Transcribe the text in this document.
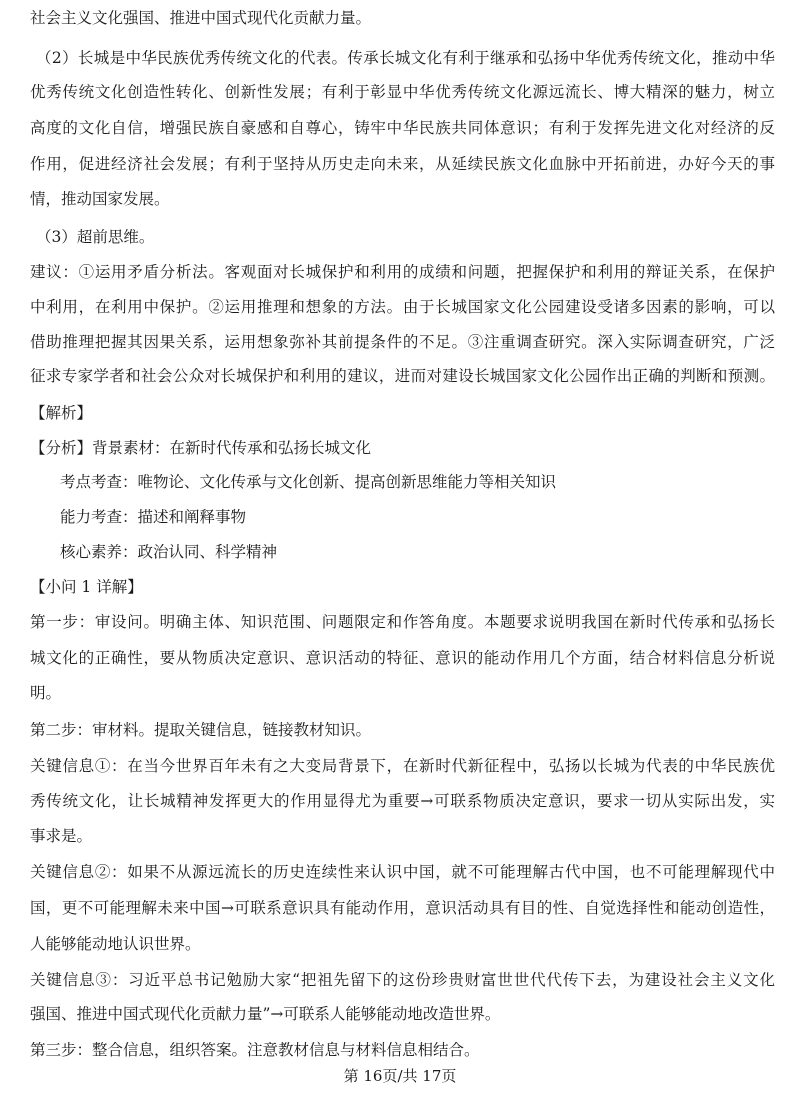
社会主义文化强国、推进中国式现代化贡献力量。
（2）长城是中华民族优秀传统文化的代表。传承长城文化有利于继承和弘扬中华优秀传统文化，推动中华
优秀传统文化创造性转化、创新性发展；有利于彰显中华优秀传统文化源远流长、博大精深的魅力，树立
高度的文化自信，增强民族自豪感和自尊心，铸牢中华民族共同体意识；有利于发挥先进文化对经济的反
作用，促进经济社会发展；有利于坚持从历史走向未来，从延续民族文化血脉中开拓前进，办好今天的事
情，推动国家发展。
（3）超前思维。
建议：①运用矛盾分析法。客观面对长城保护和利用的成绩和问题，把握保护和利用的辩证关系，在保护
中利用，在利用中保护。②运用推理和想象的方法。由于长城国家文化公园建设受诸多因素的影响，可以
借助推理把握其因果关系，运用想象弥补其前提条件的不足。③注重调查研究。深入实际调查研究，广泛
征求专家学者和社会公众对长城保护和利用的建议，进而对建设长城国家文化公园作出正确的判断和预测。
【解析】
【分析】背景素材：在新时代传承和弘扬长城文化
考点考查：唯物论、文化传承与文化创新、提高创新思维能力等相关知识
能力考查：描述和阐释事物
核心素养：政治认同、科学精神
【小问 1 详解】
第一步：审设问。明确主体、知识范围、问题限定和作答角度。本题要求说明我国在新时代传承和弘扬长
城文化的正确性，要从物质决定意识、意识活动的特征、意识的能动作用几个方面，结合材料信息分析说
明。
第二步：审材料。提取关键信息，链接教材知识。
关键信息①：在当今世界百年未有之大变局背景下，在新时代新征程中，弘扬以长城为代表的中华民族优
秀传统文化，让长城精神发挥更大的作用显得尤为重要→可联系物质决定意识，要求一切从实际出发，实
事求是。
关键信息②：如果不从源远流长的历史连续性来认识中国，就不可能理解古代中国，也不可能理解现代中
国，更不可能理解未来中国→可联系意识具有能动作用，意识活动具有目的性、自觉选择性和能动创造性，
人能够能动地认识世界。
关键信息③：习近平总书记勉励大家“把祖先留下的这份珍贵财富世世代代传下去，为建设社会主义文化
强国、推进中国式现代化贡献力量”→可联系人能够能动地改造世界。
第三步：整合信息，组织答案。注意教材信息与材料信息相结合。
第 16页/共 17页
